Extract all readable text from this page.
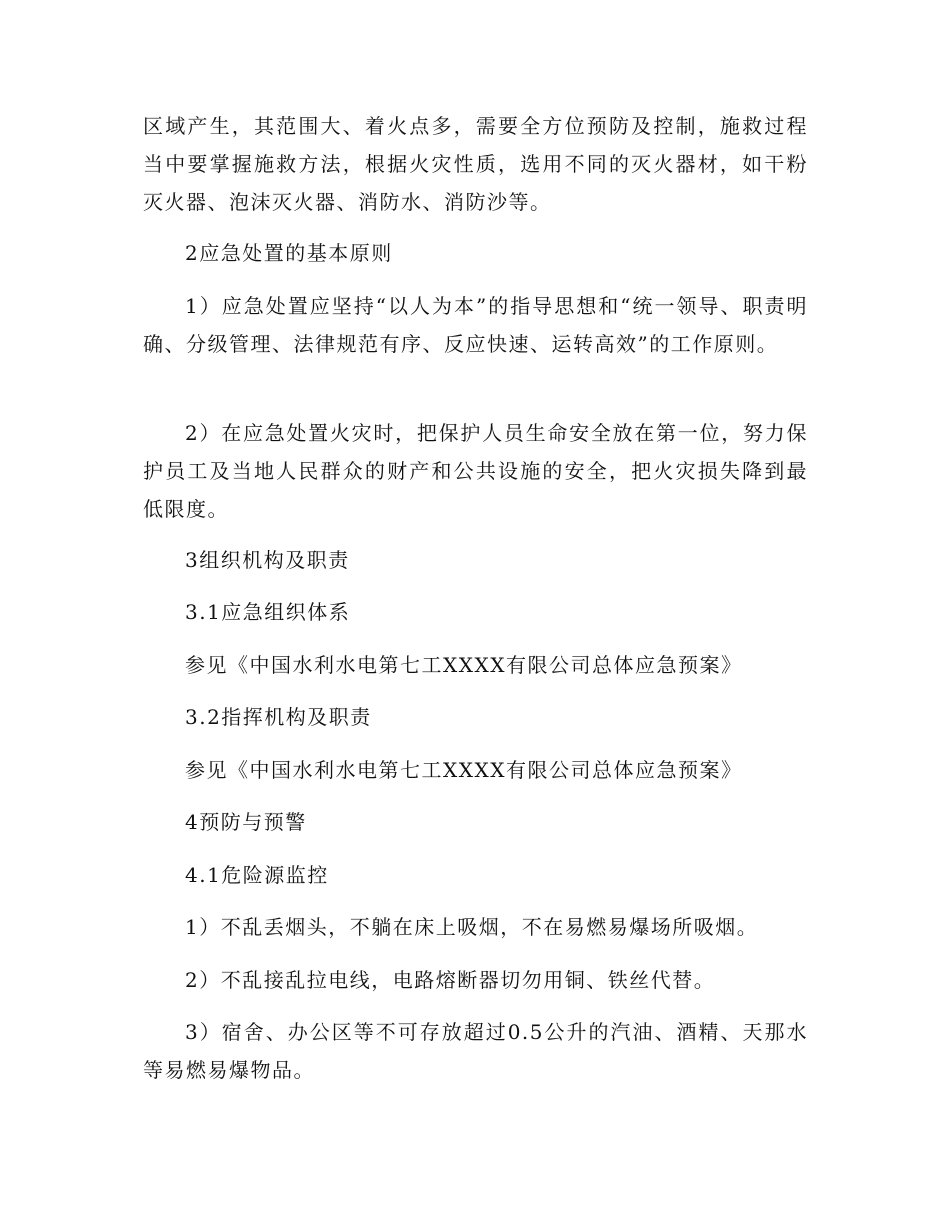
区域产生，其范围大、着火点多，需要全方位预防及控制，施救过程当中要掌握施救方法，根据火灾性质，选用不同的灭火器材，如干粉灭火器、泡沫灭火器、消防水、消防沙等。
2应急处置的基本原则
1）应急处置应坚持“以人为本”的指导思想和“统一领导、职责明确、分级管理、法律规范有序、反应快速、运转高效”的工作原则。
2）在应急处置火灾时，把保护人员生命安全放在第一位，努力保护员工及当地人民群众的财产和公共设施的安全，把火灾损失降到最低限度。
3组织机构及职责
3.1应急组织体系
参见《中国水利水电第七工XXXX有限公司总体应急预案》
3.2指挥机构及职责
参见《中国水利水电第七工XXXX有限公司总体应急预案》
4预防与预警
4.1危险源监控
1）不乱丢烟头，不躺在床上吸烟，不在易燃易爆场所吸烟。
2）不乱接乱拉电线，电路熔断器切勿用铜、铁丝代替。
3）宿舍、办公区等不可存放超过0.5公升的汽油、酒精、天那水等易燃易爆物品。
